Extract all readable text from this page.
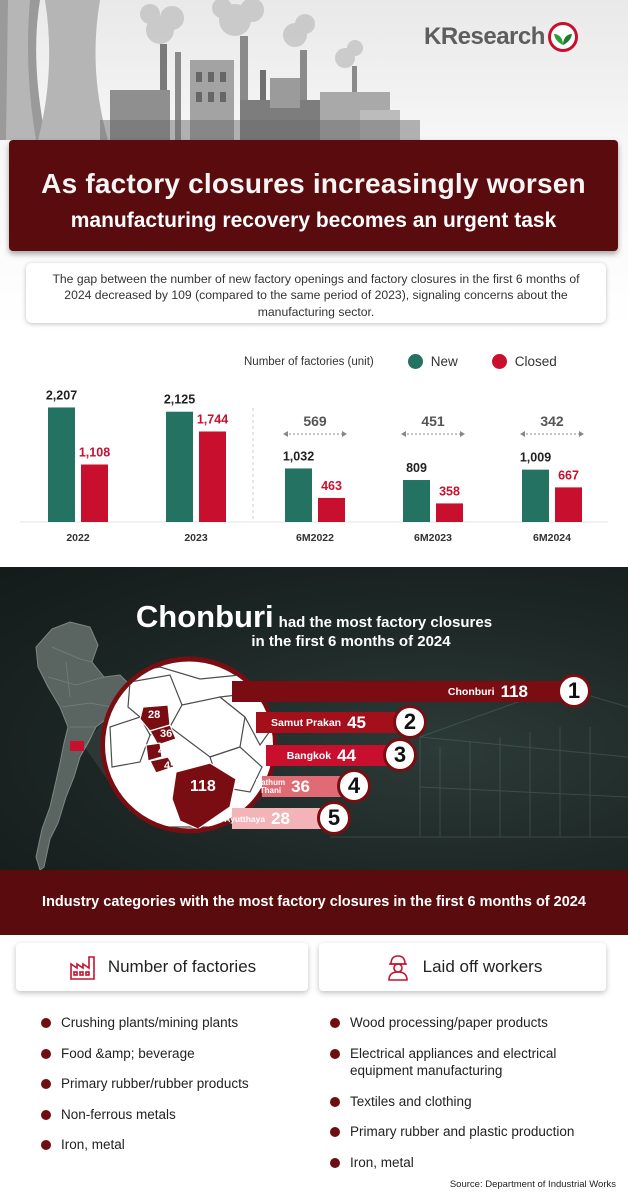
KResearch
As factory closures increasingly worsen
manufacturing recovery becomes an urgent task
The gap between the number of new factory openings and factory closures in the first 6 months of 2024 decreased by 109 (compared to the same period of 2023), signaling concerns about the manufacturing sector.
Number of factories (unit)	New	Closed
2,207
1,108
2022
2,125
1,744
2023
1,032
463
6M2022
809
358
6M2023
1,009
667
6M2024
569	451	342
28
36
44
45
118
Chonburi had the most factory closures
in the first 6 months of 2024
Chonburi 118	1
Samut Prakan 45	2
Bangkok 44	3
Pathum Thani 36	4
Ayutthaya 28	5
Industry categories with the most factory closures in the first 6 months of 2024
Number of factories	Laid off workers
Crushing plants/mining plants
Food &amp; beverage
Primary rubber/rubber products
Non-ferrous metals
Iron, metal
Wood processing/paper products
Electrical appliances and electrical equipment manufacturing
Textiles and clothing
Primary rubber and plastic production
Iron, metal
Source: Department of Industrial Works
